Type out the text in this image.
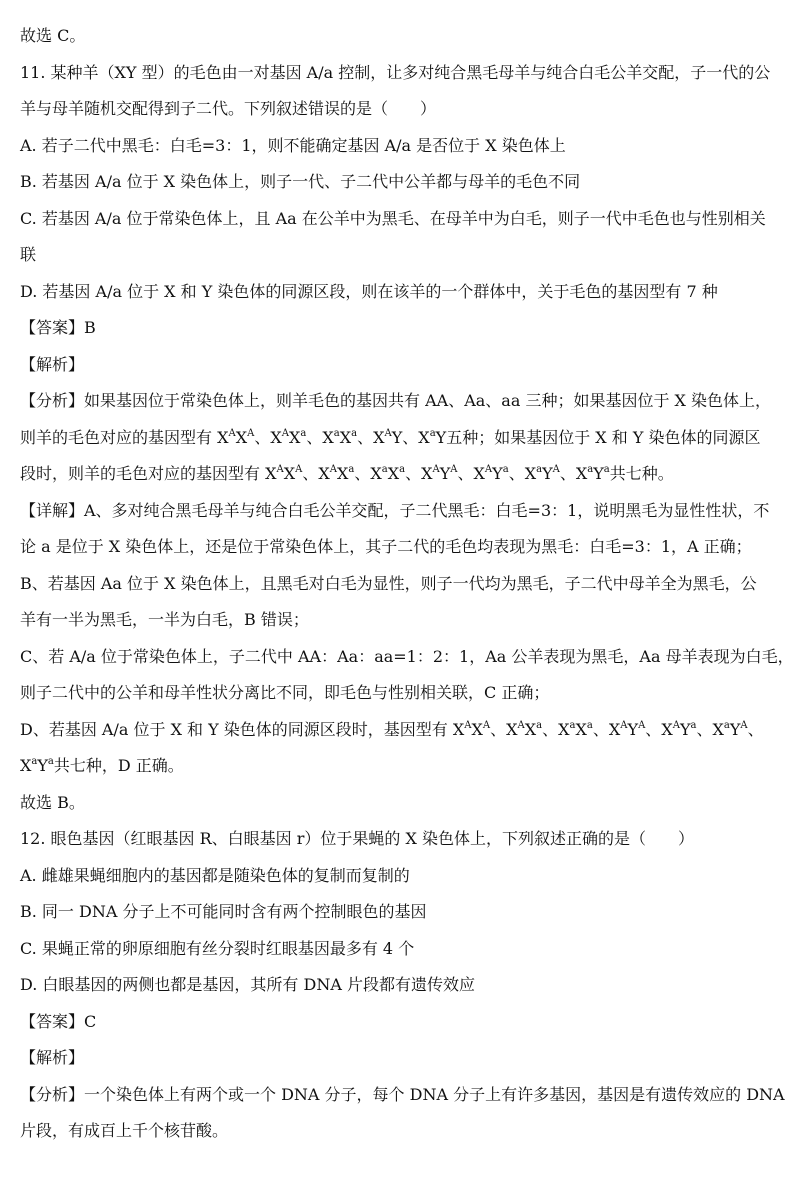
故选 C。
11. 某种羊（XY 型）的毛色由一对基因 A/a 控制，让多对纯合黑毛母羊与纯合白毛公羊交配，子一代的公
羊与母羊随机交配得到子二代。下列叙述错误的是（　　）
A. 若子二代中黑毛：白毛=3：1，则不能确定基因 A/a 是否位于 X 染色体上
B. 若基因 A/a 位于 X 染色体上，则子一代、子二代中公羊都与母羊的毛色不同
C. 若基因 A/a 位于常染色体上，且 Aa 在公羊中为黑毛、在母羊中为白毛，则子一代中毛色也与性别相关
联
D. 若基因 A/a 位于 X 和 Y 染色体的同源区段，则在该羊的一个群体中，关于毛色的基因型有 7 种
【答案】B
【解析】
【分析】如果基因位于常染色体上，则羊毛色的基因共有 AA、Aa、aa 三种；如果基因位于 X 染色体上，
则羊的毛色对应的基因型有 $X^AX^A$、$X^AX^a$、$X^aX^a$、$X^AY$、$X^aY$五种；如果基因位于 X 和 Y 染色体的同源区
段时，则羊的毛色对应的基因型有 $X^AX^A$、$X^AX^a$、$X^aX^a$、$X^AY^A$、$X^AY^a$、$X^aY^A$、$X^aY^a$共七种。
【详解】A、多对纯合黑毛母羊与纯合白毛公羊交配，子二代黑毛：白毛=3：1，说明黑毛为显性性状，不
论 a 是位于 X 染色体上，还是位于常染色体上，其子二代的毛色均表现为黑毛：白毛=3：1，A 正确；
B、若基因 Aa 位于 X 染色体上，且黑毛对白毛为显性，则子一代均为黑毛，子二代中母羊全为黑毛，公
羊有一半为黑毛，一半为白毛，B 错误；
C、若 A/a 位于常染色体上，子二代中 AA：Aa：aa=1：2：1，Aa 公羊表现为黑毛，Aa 母羊表现为白毛，
则子二代中的公羊和母羊性状分离比不同，即毛色与性别相关联，C 正确；
D、若基因 A/a 位于 X 和 Y 染色体的同源区段时，基因型有 $X^AX^A$、$X^AX^a$、$X^aX^a$、$X^AY^A$、$X^AY^a$、$X^aY^A$、
$X^aY^a$共七种，D 正确。
故选 B。
12. 眼色基因（红眼基因 R、白眼基因 r）位于果蝇的 X 染色体上，下列叙述正确的是（　　）
A. 雌雄果蝇细胞内的基因都是随染色体的复制而复制的
B. 同一 DNA 分子上不可能同时含有两个控制眼色的基因
C. 果蝇正常的卵原细胞有丝分裂时红眼基因最多有 4 个
D. 白眼基因的两侧也都是基因，其所有 DNA 片段都有遗传效应
【答案】C
【解析】
【分析】一个染色体上有两个或一个 DNA 分子，每个 DNA 分子上有许多基因，基因是有遗传效应的 DNA
片段，有成百上千个核苷酸。
